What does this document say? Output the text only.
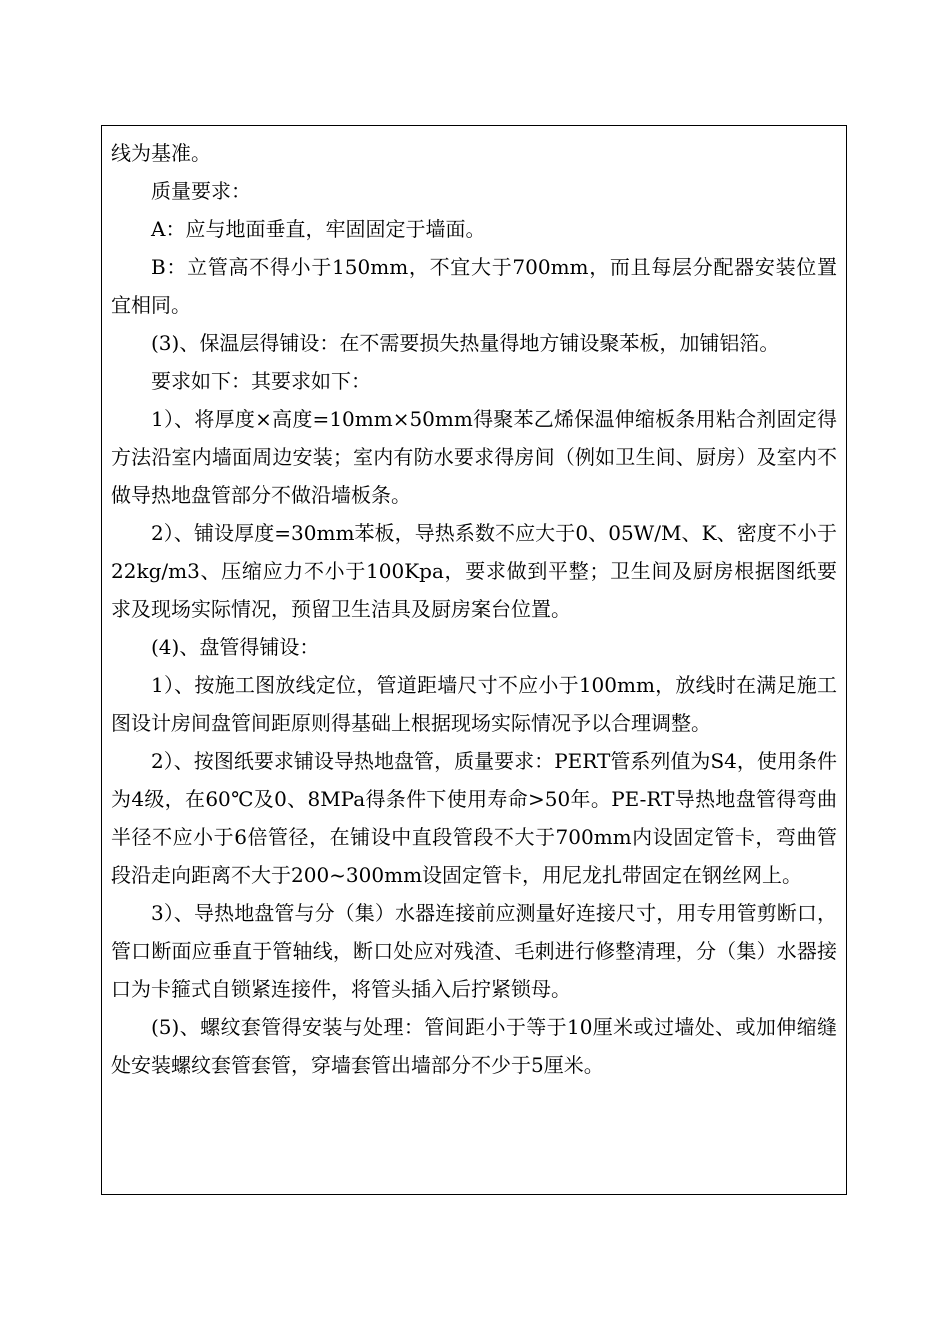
线为基准。

质量要求：

A：应与地面垂直，牢固固定于墙面。

B：立管高不得小于150mm，不宜大于700mm，而且每层分配器安装位置宜相同。

(3)、保温层得铺设：在不需要损失热量得地方铺设聚苯板，加铺铝箔。

要求如下：其要求如下：

1）、将厚度×高度=10mm×50mm得聚苯乙烯保温伸缩板条用粘合剂固定得方法沿室内墙面周边安装；室内有防水要求得房间（例如卫生间、厨房）及室内不做导热地盘管部分不做沿墙板条。

2）、铺设厚度=30mm苯板，导热系数不应大于0、05W/M、K、密度不小于22kg/m3、压缩应力不小于100Kpa，要求做到平整；卫生间及厨房根据图纸要求及现场实际情况，预留卫生洁具及厨房案台位置。

(4)、盘管得铺设：

1）、按施工图放线定位，管道距墙尺寸不应小于100mm，放线时在满足施工图设计房间盘管间距原则得基础上根据现场实际情况予以合理调整。

2）、按图纸要求铺设导热地盘管，质量要求：PERT管系列值为S4，使用条件为4级，在60℃及0、8MPa得条件下使用寿命>50年。PE-RT导热地盘管得弯曲半径不应小于6倍管径，在铺设中直段管段不大于700mm内设固定管卡，弯曲管段沿走向距离不大于200~300mm设固定管卡，用尼龙扎带固定在钢丝网上。

3）、导热地盘管与分（集）水器连接前应测量好连接尺寸，用专用管剪断口，管口断面应垂直于管轴线，断口处应对残渣、毛刺进行修整清理，分（集）水器接口为卡箍式自锁紧连接件，将管头插入后拧紧锁母。

(5)、螺纹套管得安装与处理：管间距小于等于10厘米或过墙处、或加伸缩缝处安装螺纹套管套管，穿墙套管出墙部分不少于5厘米。
